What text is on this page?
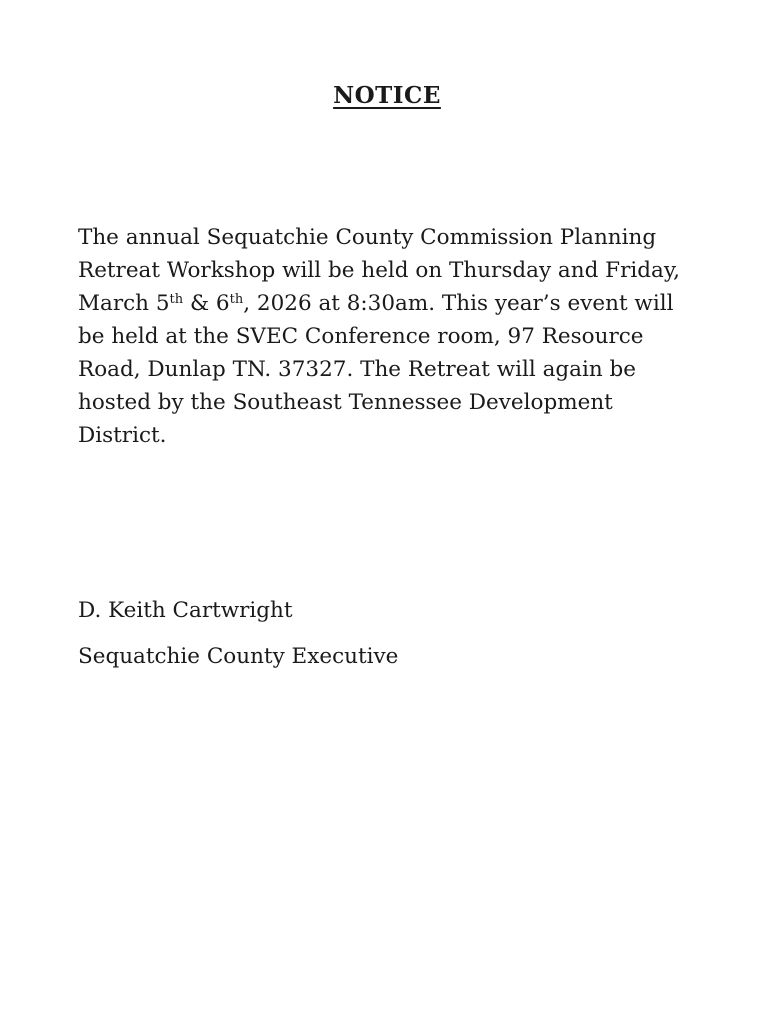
NOTICE
The annual Sequatchie County Commission Planning
Retreat Workshop will be held on Thursday and Friday,
March 5th & 6th, 2026 at 8:30am. This year’s event will
be held at the SVEC Conference room, 97 Resource
Road, Dunlap TN. 37327. The Retreat will again be
hosted by the Southeast Tennessee Development
District.
D. Keith Cartwright
Sequatchie County Executive
